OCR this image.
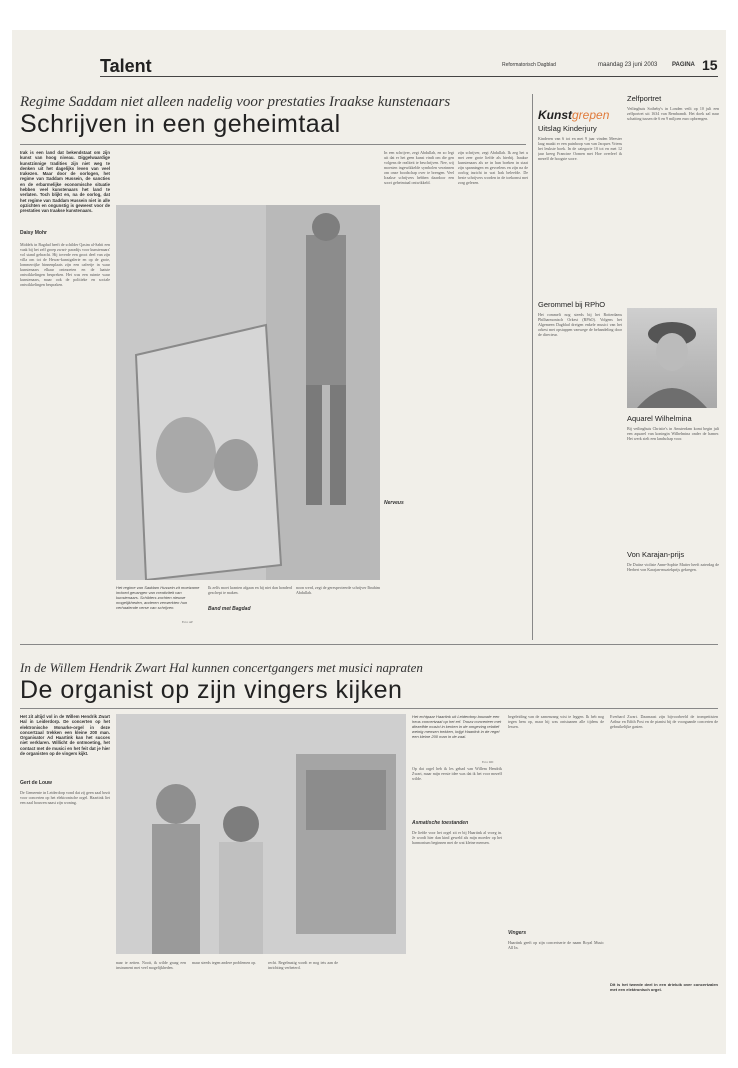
Talent	Reformatorisch Dagblad	maandag 23 juni 2003 PAGINA 15
Regime Saddam niet alleen nadelig voor prestaties Iraakse kunstenaars
Schrijven in een geheimtaal
Irak is een land dat bekendstaat om zijn kunst van hoog niveau. Diggelwaardige kunstzinnige tradities zijn niet weg te denken uit het dagelijks leven van veel Irakezen. Maar door de oorlogen, het regime van Saddam Hussein, de sancties en de erbarmelijke economische situatie hebben veel kunstenaars het land te verlaten. Toch blijkt en, na de oorlog, dat het regime van Saddam Hussein niet in alle opzichten en ongunstig is geweest voor de prestaties van Iraakse kunstenaars.
Daisy Mohr
Middels in Bagdad heeft de schilder Qasim al-Sabti een vaak bij het zelf groep zwart- paradijs voor kunstenaars' vol stand gebracht. Hij toverde een groot deel van zijn villa om tot de Hewar-kunstgalerie en op de grote, lommerrijke binnenplaats zijn een cafeetje in waar kunstenaars elkaar ontmoeten en de laatste ontwikkelingen bespreken. Het was een ruimte waar kunstenaars, maar ook de politieke en sociale ontwikkelingen bespraken.
In een schrijver, zegt Abdullah, en zo legt uit dat er het geen kunst vindt om die gen volgens de realiteit te beschrijven. Nee, wij moesten ingewikkelde symbolen verzinnen om onze boodschap over te brengen. Veel Iraakse schrijvers hebben daardoor een soort geheimtaal ontwikkeld.
Nerveus
zijn schrijver, zegt Abdullah. Ik zeg het u met zeer grote liefde als hierbij. Iraakse kunstenaars als ze in hun boeken in staat zijn spanningen en gevoelens en zijn na de oorlog inzicht in wat Irak beleefde. De beste schrijvers worden in de toekomst met zorg gelezen.
Het regime van Saddam Hussein zit moeizame invloed gevangen van creativiteit van kunstenaars. Schilders zochten nieuwe mogelijkheden, anderen verwerkten hun verhaalende verse van schrijven.
Foto: AP
Band met Bagdad
Ik zelfs moet kranten afgaan en hij niet dan honderd geschept te maken.
noon werd, zegt de gerespecteerde schrijver Ibrahim Abdullah.
Kunstgrepen
Uitslag Kinderjury
Kinderen van 6 tot en met 9 jaar vinden Meester laag maakt er een puinhoop van van Jacques Vriens het leukste boek. In de categorie 10 tot en met 12 jaar kreeg Francine Oomen met Hoe overleef ik mezelf de hoogste score.
Gerommel bij RPhO
Het rommelt nog steeds bij het Rotterdams Philharmonisch Orkest (RPhO). Volgens het Algemeen Dagblad dreigen enkele musici van het orkest met opstappen vanwege de behandeling door de directeur.
Zelfportret
Veilinghuis Sotheby's in Londen veilt op 10 juli een zelfportret uit 1634 van Rembrandt. Het doek zal naar schatting tussen de 6 en 9 miljoen euro opbrengen.
Aquarel Wilhelmina
Bij veilinghuis Christie's in Amsterdam komt begin juli een aquarel van koningin Wilhelmina onder de hamer. Het werk stelt een landschap voor.
Von Karajan-prijs
De Duitse violiste Anne-Sophie Mutter heeft zaterdag de Herbert von Karajan-muziekprijs gekregen.
In de Willem Hendrik Zwart Hal kunnen concertgangers met musici napraten
De organist op zijn vingers kijken
Het zit altijd vol in de Willem Hendrik Zwart Hal in Leiderdorp. De concerten op het elektronische Monarke-orgel in deze concertzaal trekken een kleine 200 man. Organisator Ad Haartink kan het succes niet verklaren. Willicht de ontmoeting, het contact met de musici en het feit dat je hier de organisten op de vingers kijkt.
Gert de Louw
De Gemeente in Leiderdorp vond dat zij geen zaal bezit voor concerten op het elektronische orgel. Haartink liet een zaal bouwen naast zijn woning.
Het echtpaar Haartink uit Leiderdorp bouwde een heus concertzaal op het erf. Trouw concerteer met diezelfde musici in kerken in de omgeving relatief weinig mensen trekken, krijgt Haartink in de regel een kleine 200 man in de zaal.
Foto: RD
Op dat orgel heb ik les gehad van Willem Hendrik Zwart, maar mijn eerste idee was dat ik het voor mezelf wilde.
Asmatische toestanden
De liefde voor het orgel zit er bij Haartink al vroeg in. Je wordt hier dan kind geweld als mijn moeder op het harmonium beginnen met de wat kleine mensen.
naar te zetten. Nooit, ik wilde graag een instrument met veel mogelijkheden.
maar steeds tegen andere problemen op.	recht. Regelmatig wordt er nog iets aan de inrichting verbeterd.
begeleiding van de samenzang wist te leggen. Ik heb nog tegen hem op, maar hij was ontstaanen alle tijdens de lessen.
Vingers
Haartink geeft op zijn concertserie de naam Royal Music All In.
Everhard Zwart. Daarnaast zijn bijvoorbeeld de trompettisten Arthur en Edith Post en de pianist bij de voorgaande concerten de gebruikelijke gasten.
Dit is het tweede deel in een drieluik over concertzalen met een elektronisch orgel.
